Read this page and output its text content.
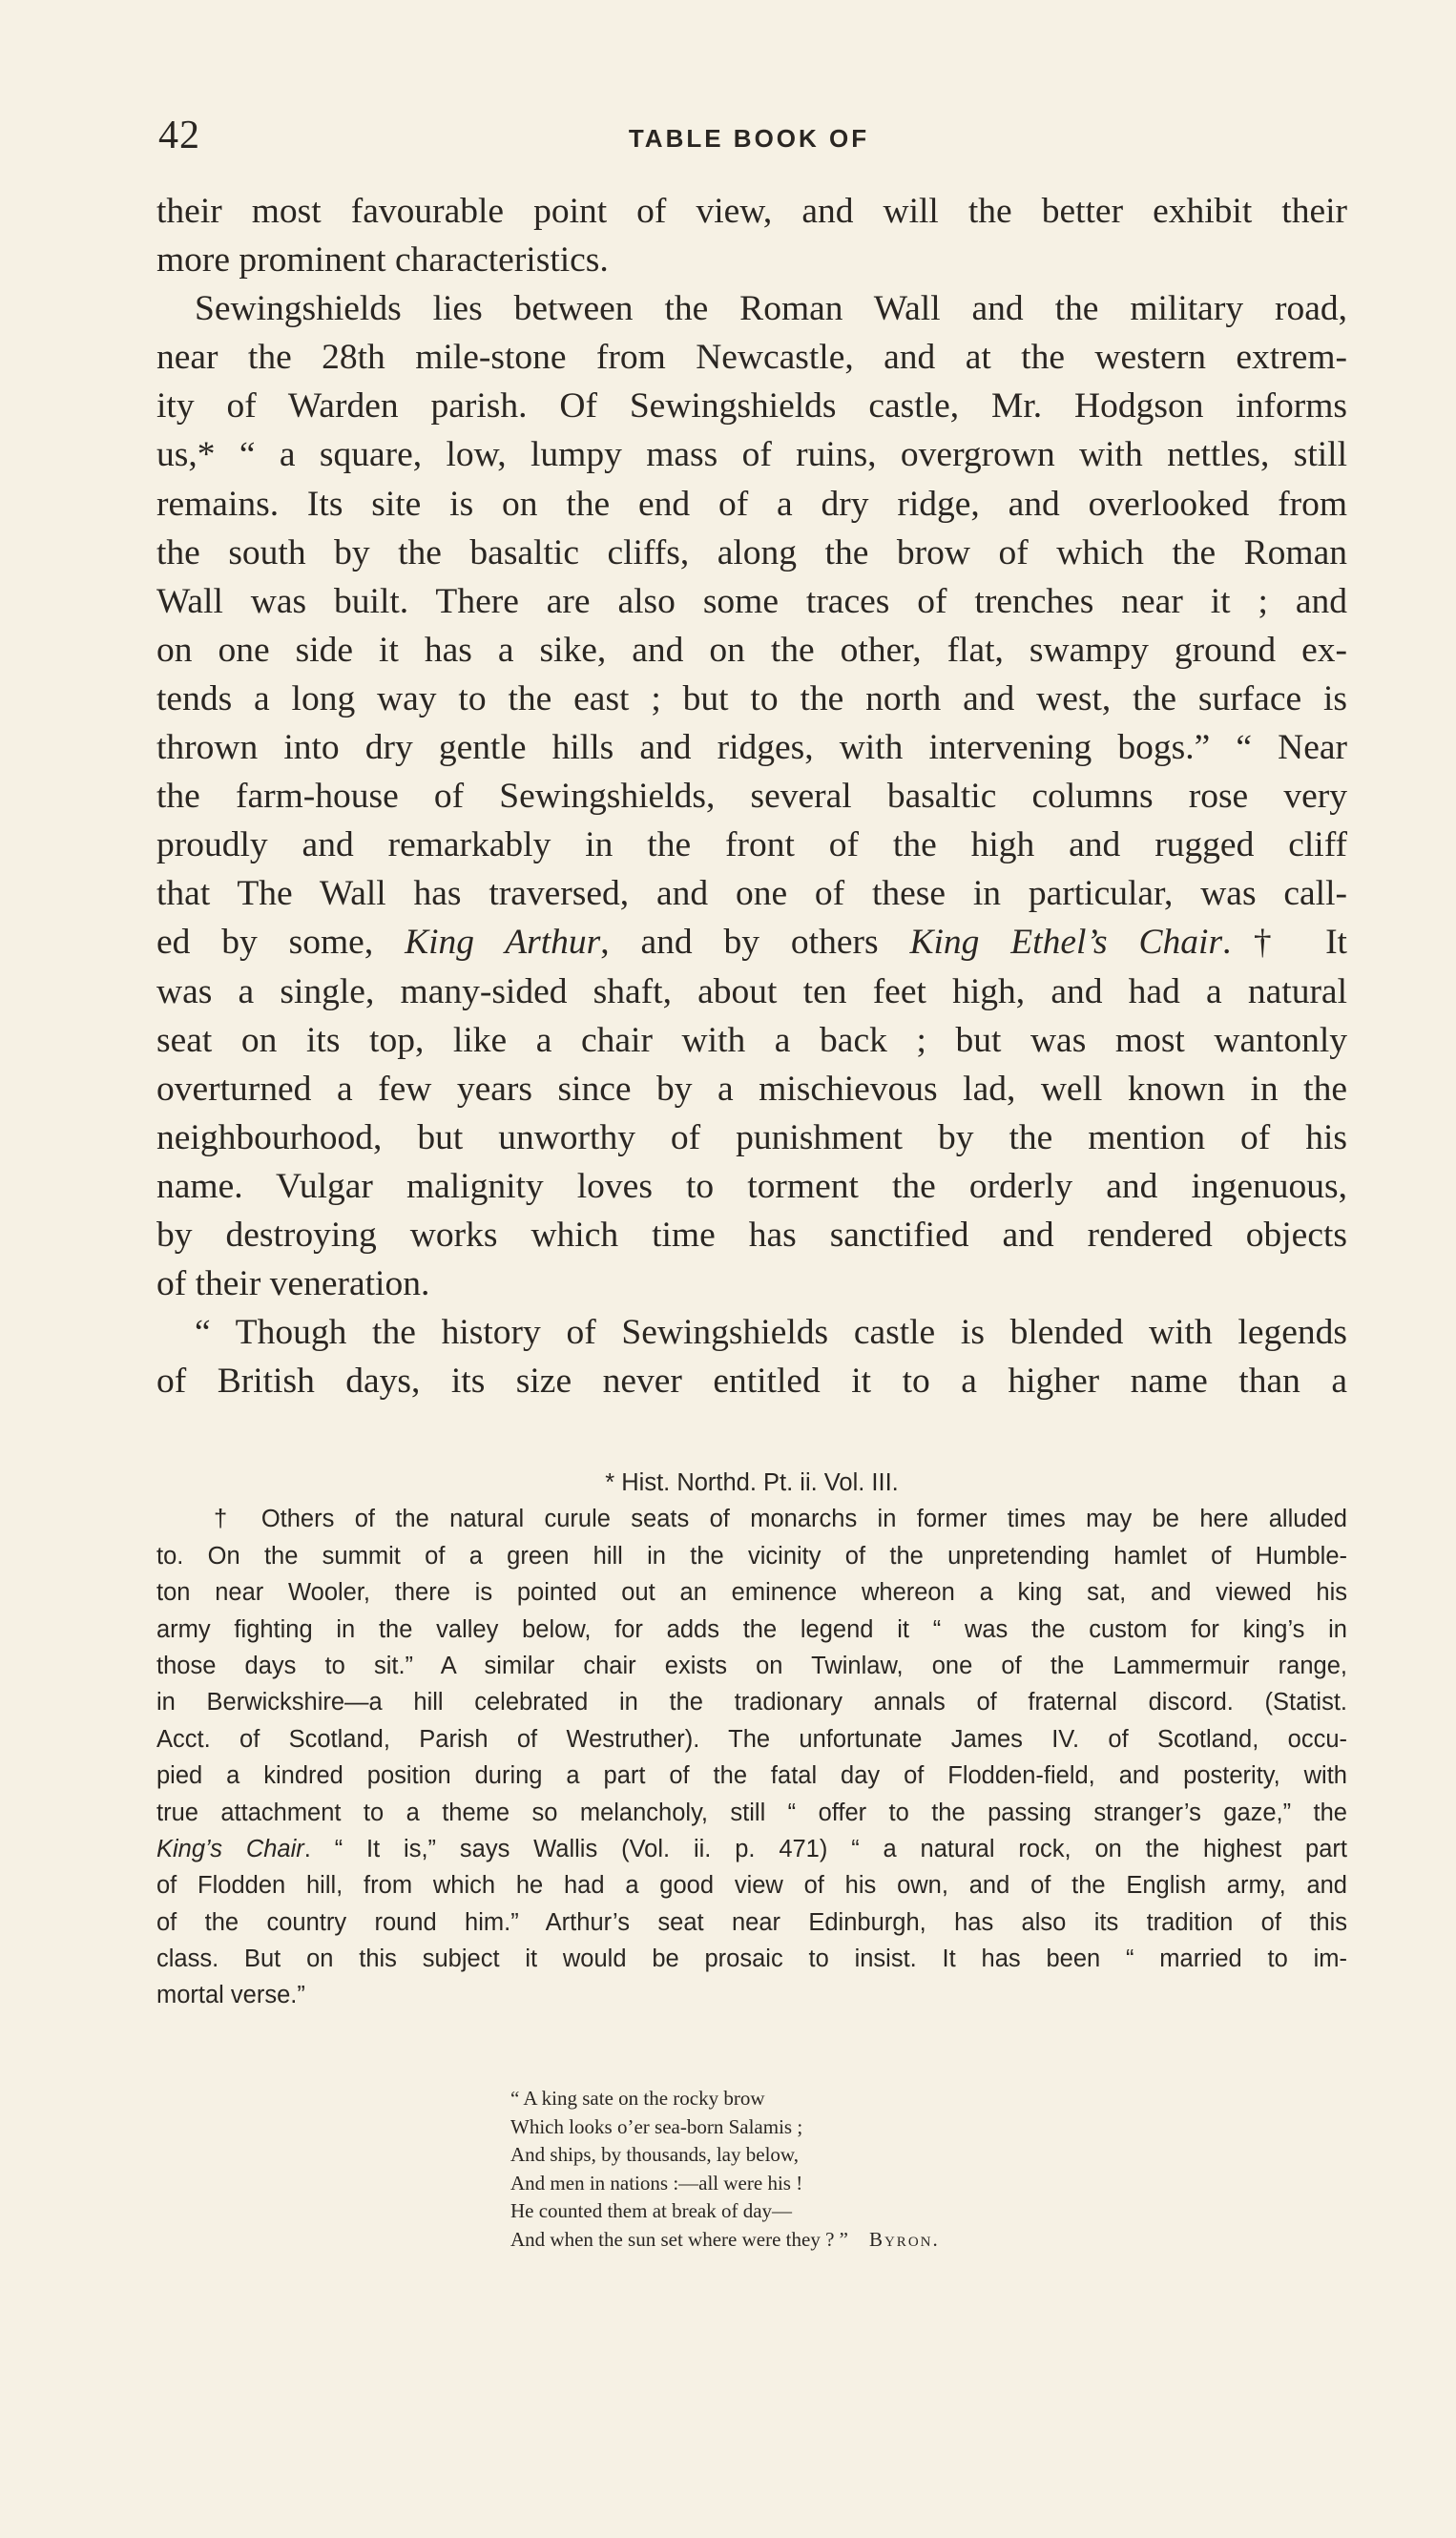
42	TABLE BOOK OF
their most favourable point of view, and will the better exhibit their
more prominent characteristics.
Sewingshields lies between the Roman Wall and the military road,
near the 28th mile-stone from Newcastle, and at the western extrem-
ity of Warden parish. Of Sewingshields castle, Mr. Hodgson informs
us,* “ a square, low, lumpy mass of ruins, overgrown with nettles, still
remains. Its site is on the end of a dry ridge, and overlooked from
the south by the basaltic cliffs, along the brow of which the Roman
Wall was built. There are also some traces of trenches near it ; and
on one side it has a sike, and on the other, flat, swampy ground ex-
tends a long way to the east ; but to the north and west, the surface is
thrown into dry gentle hills and ridges, with intervening bogs.” “ Near
the farm-house of Sewingshields, several basaltic columns rose very
proudly and remarkably in the front of the high and rugged cliff
that The Wall has traversed, and one of these in particular, was call-
ed by some, King Arthur, and by others King Ethel’s Chair.† It
was a single, many-sided shaft, about ten feet high, and had a natural
seat on its top, like a chair with a back ; but was most wantonly
overturned a few years since by a mischievous lad, well known in the
neighbourhood, but unworthy of punishment by the mention of his
name. Vulgar malignity loves to torment the orderly and ingenuous,
by destroying works which time has sanctified and rendered objects
of their veneration.
“ Though the history of Sewingshields castle is blended with legends
of British days, its size never entitled it to a higher name than a
* Hist. Northd. Pt. ii. Vol. III.
† Others of the natural curule seats of monarchs in former times may be here alluded
to. On the summit of a green hill in the vicinity of the unpretending hamlet of Humble-
ton near Wooler, there is pointed out an eminence whereon a king sat, and viewed his
army fighting in the valley below, for adds the legend it “ was the custom for king’s in
those days to sit.” A similar chair exists on Twinlaw, one of the Lammermuir range,
in Berwickshire—a hill celebrated in the tradionary annals of fraternal discord. (Statist.
Acct. of Scotland, Parish of Westruther). The unfortunate James IV. of Scotland, occu-
pied a kindred position during a part of the fatal day of Flodden-field, and posterity, with
true attachment to a theme so melancholy, still “ offer to the passing stranger’s gaze,” the
King’s Chair. “ It is,” says Wallis (Vol. ii. p. 471) “ a natural rock, on the highest part
of Flodden hill, from which he had a good view of his own, and of the English army, and
of the country round him.” Arthur’s seat near Edinburgh, has also its tradition of this
class. But on this subject it would be prosaic to insist. It has been “ married to im-
mortal verse.”
“ A king sate on the rocky brow
Which looks o’er sea-born Salamis ;
And ships, by thousands, lay below,
And men in nations :—all were his !
He counted them at break of day—
And when the sun set where were they ? ” Byron.
